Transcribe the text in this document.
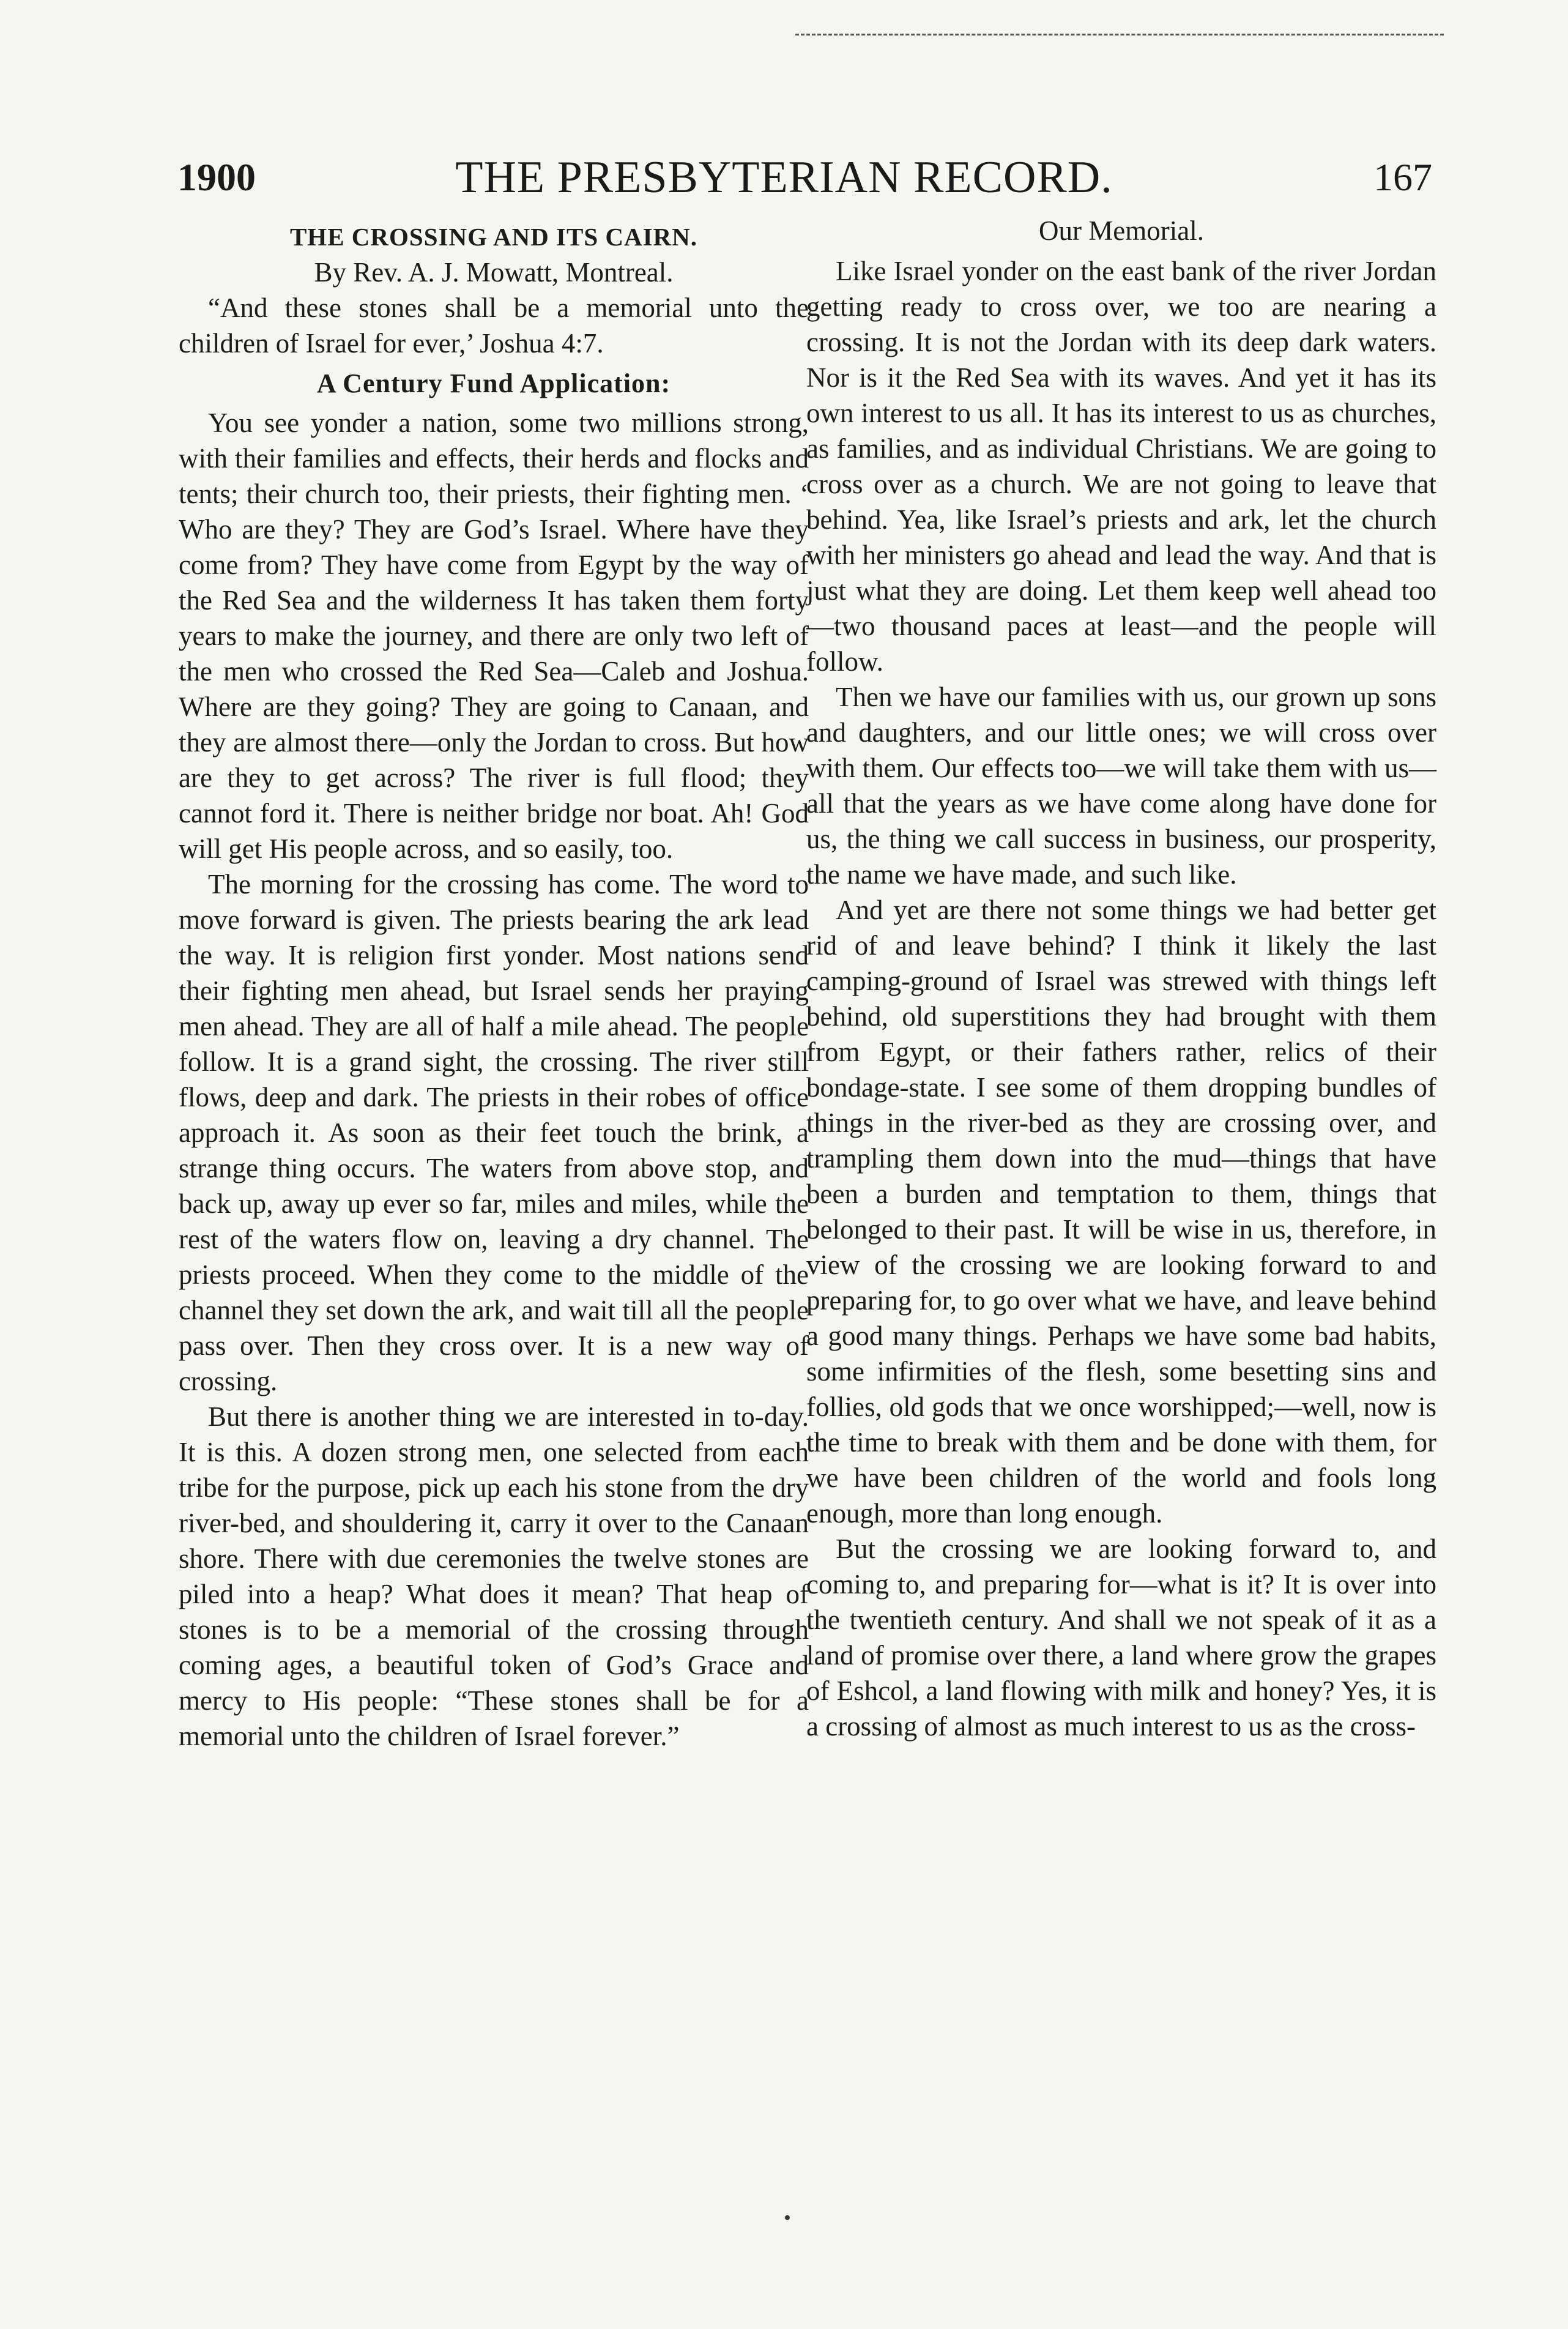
1900	THE PRESBYTERIAN RECORD.	167
THE CROSSING AND ITS CAIRN.
By Rev. A. J. Mowatt, Montreal.

“And these stones shall be a memorial unto the children of Israel for ever,’ Joshua 4:7.

A Century Fund Application:

You see yonder a nation, some two millions strong, with their families and effects, their herds and flocks and tents; their church too, their priests, their fighting men. ‘ Who are they? They are God’s Israel. Where have they come from? They have come from Egypt by the way of the Red Sea and the wilderness It has taken them forty years to make the journey, and there are only two left of the men who crossed the Red Sea—Caleb and Joshua. Where are they going? They are going to Canaan, and they are almost there—only the Jordan to cross. But how are they to get across? The river is full flood; they cannot ford it. There is neither bridge nor boat. Ah! God will get His people across, and so easily, too.

The morning for the crossing has come. The word to move forward is given. The priests bearing the ark lead the way. It is religion first yonder. Most nations send their fighting men ahead, but Israel sends her praying men ahead. They are all of half a mile ahead. The people follow. It is a grand sight, the crossing. The river still flows, deep and dark. The priests in their robes of office approach it. As soon as their feet touch the brink, a strange thing occurs. The waters from above stop, and back up, away up ever so far, miles and miles, while the rest of the waters flow on, leaving a dry channel. The priests proceed. When they come to the middle of the channel they set down the ark, and wait till all the people pass over. Then they cross over. It is a new way of crossing.

But there is another thing we are interested in to-day. It is this. A dozen strong men, one selected from each tribe for the purpose, pick up each his stone from the dry river-bed, and shouldering it, carry it over to the Canaan shore. There with due ceremonies the twelve stones are piled into a heap? What does it mean? That heap of stones is to be a memorial of the crossing through coming ages, a beautiful token of God’s Grace and mercy to His people: “These stones shall be for a memorial unto the children of Israel forever.”

Our Memorial.

Like Israel yonder on the east bank of the river Jordan getting ready to cross over, we too are nearing a crossing. It is not the Jordan with its deep dark waters. Nor is it the Red Sea with its waves. And yet it has its own interest to us all. It has its interest to us as churches, as families, and as individual Christians. We are going to cross over as a church. We are not going to leave that behind. Yea, like Israel’s priests and ark, let the church with her ministers go ahead and lead the way. And that is just what they are doing. Let them keep well ahead too—two thousand paces at least—and the people will follow.

Then we have our families with us, our grown up sons and daughters, and our little ones; we will cross over with them. Our effects too—we will take them with us—all that the years as we have come along have done for us, the thing we call success in business, our prosperity, the name we have made, and such like.

And yet are there not some things we had better get rid of and leave behind? I think it likely the last camping-ground of Israel was strewed with things left behind, old superstitions they had brought with them from Egypt, or their fathers rather, relics of their bondage-state. I see some of them dropping bundles of things in the river-bed as they are crossing over, and trampling them down into the mud—things that have been a burden and temptation to them, things that belonged to their past. It will be wise in us, therefore, in view of the crossing we are looking forward to and preparing for, to go over what we have, and leave behind a good many things. Perhaps we have some bad habits, some infirmities of the flesh, some besetting sins and follies, old gods that we once worshipped;—well, now is the time to break with them and be done with them, for we have been children of the world and fools long enough, more than long enough.

But the crossing we are looking forward to, and coming to, and preparing for—what is it? It is over into the twentieth century. And shall we not speak of it as a land of promise over there, a land where grow the grapes of Eshcol, a land flowing with milk and honey? Yes, it is a crossing of almost as much interest to us as the cross-
